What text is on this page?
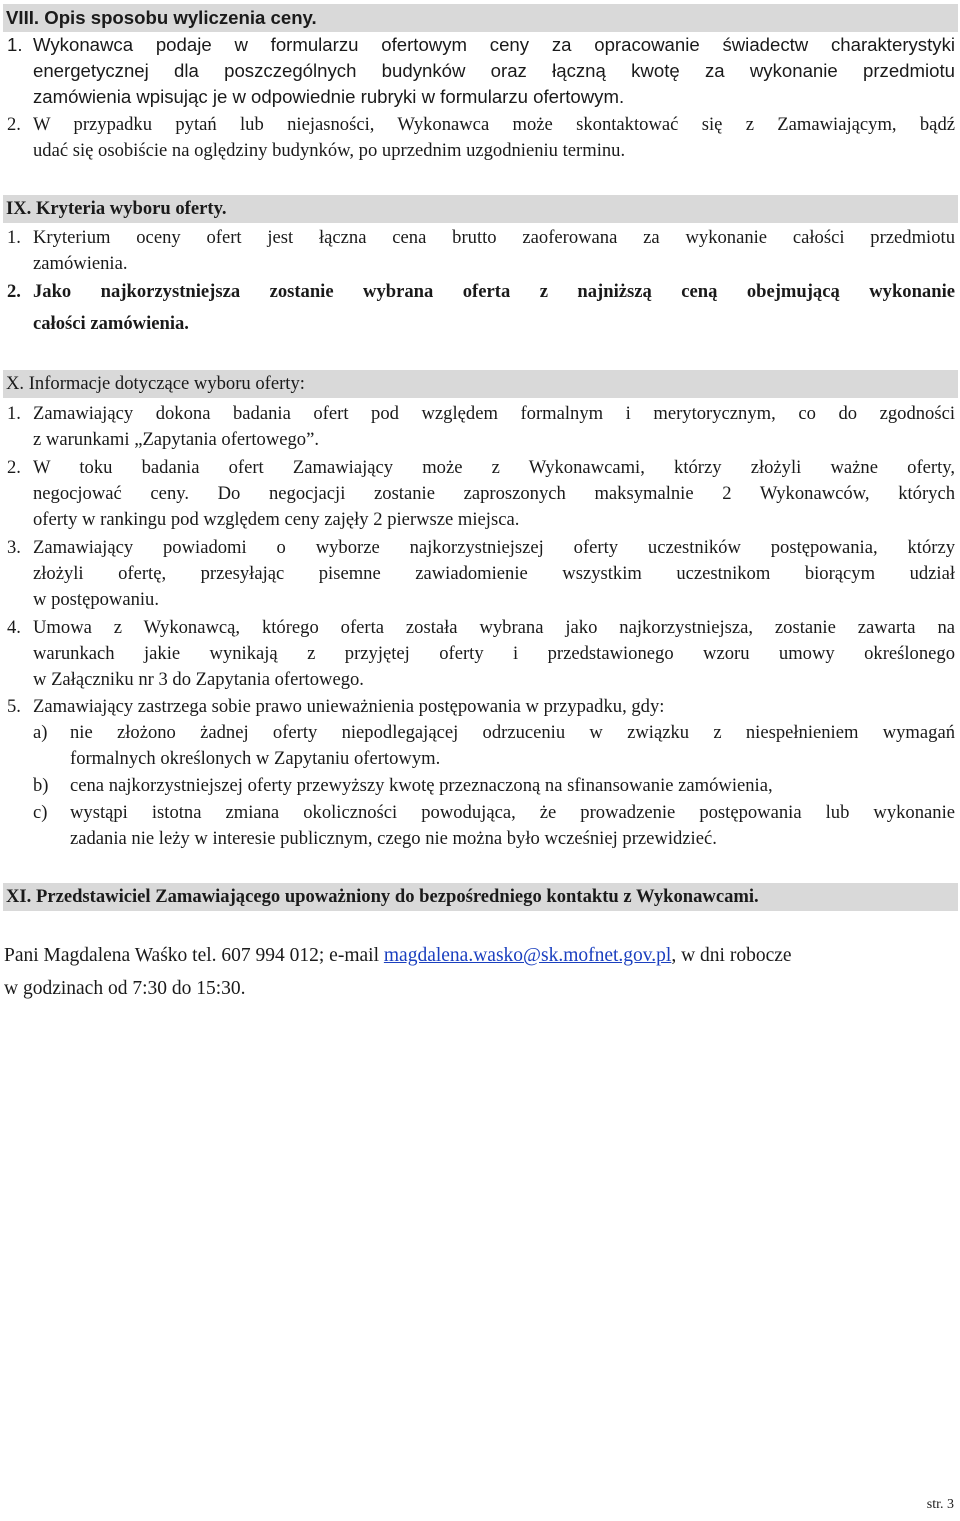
VIII. Opis sposobu wyliczenia ceny.
1. Wykonawca podaje w formularzu ofertowym ceny za opracowanie świadectw charakterystyki
energetycznej dla poszczególnych budynków oraz łączną kwotę za wykonanie przedmiotu
zamówienia wpisując je w odpowiednie rubryki w formularzu ofertowym.
2. W przypadku pytań lub niejasności, Wykonawca może skontaktować się z Zamawiającym, bądź
udać się osobiście na oględziny budynków, po uprzednim uzgodnieniu terminu.
IX. Kryteria wyboru oferty.
1. Kryterium oceny ofert jest łączna cena brutto zaoferowana za wykonanie całości przedmiotu
zamówienia.
2. Jako najkorzystniejsza zostanie wybrana oferta z najniższą ceną obejmującą wykonanie
całości zamówienia.
X. Informacje dotyczące wyboru oferty:
1. Zamawiający dokona badania ofert pod względem formalnym i merytorycznym, co do zgodności
z warunkami „Zapytania ofertowego”.
2. W toku badania ofert Zamawiający może z Wykonawcami, którzy złożyli ważne oferty,
negocjować ceny. Do negocjacji zostanie zaproszonych maksymalnie 2 Wykonawców, których
oferty w rankingu pod względem ceny zajęły 2 pierwsze miejsca.
3. Zamawiający powiadomi o wyborze najkorzystniejszej oferty uczestników postępowania, którzy
złożyli ofertę, przesyłając pisemne zawiadomienie wszystkim uczestnikom biorącym udział
w postępowaniu.
4. Umowa z Wykonawcą, którego oferta została wybrana jako najkorzystniejsza, zostanie zawarta na
warunkach jakie wynikają z przyjętej oferty i przedstawionego wzoru umowy określonego
w Załączniku nr 3 do Zapytania ofertowego.
5. Zamawiający zastrzega sobie prawo unieważnienia postępowania w przypadku, gdy:
a) nie złożono żadnej oferty niepodlegającej odrzuceniu w związku z niespełnieniem wymagań
formalnych określonych w Zapytaniu ofertowym.
b) cena najkorzystniejszej oferty przewyższy kwotę przeznaczoną na sfinansowanie zamówienia,
c) wystąpi istotna zmiana okoliczności powodująca, że prowadzenie postępowania lub wykonanie
zadania nie leży w interesie publicznym, czego nie można było wcześniej przewidzieć.
XI. Przedstawiciel Zamawiającego upoważniony do bezpośredniego kontaktu z Wykonawcami.
Pani Magdalena Waśko tel. 607 994 012; e-mail magdalena.wasko@sk.mofnet.gov.pl, w dni robocze
w godzinach od 7:30 do 15:30.
str. 3
